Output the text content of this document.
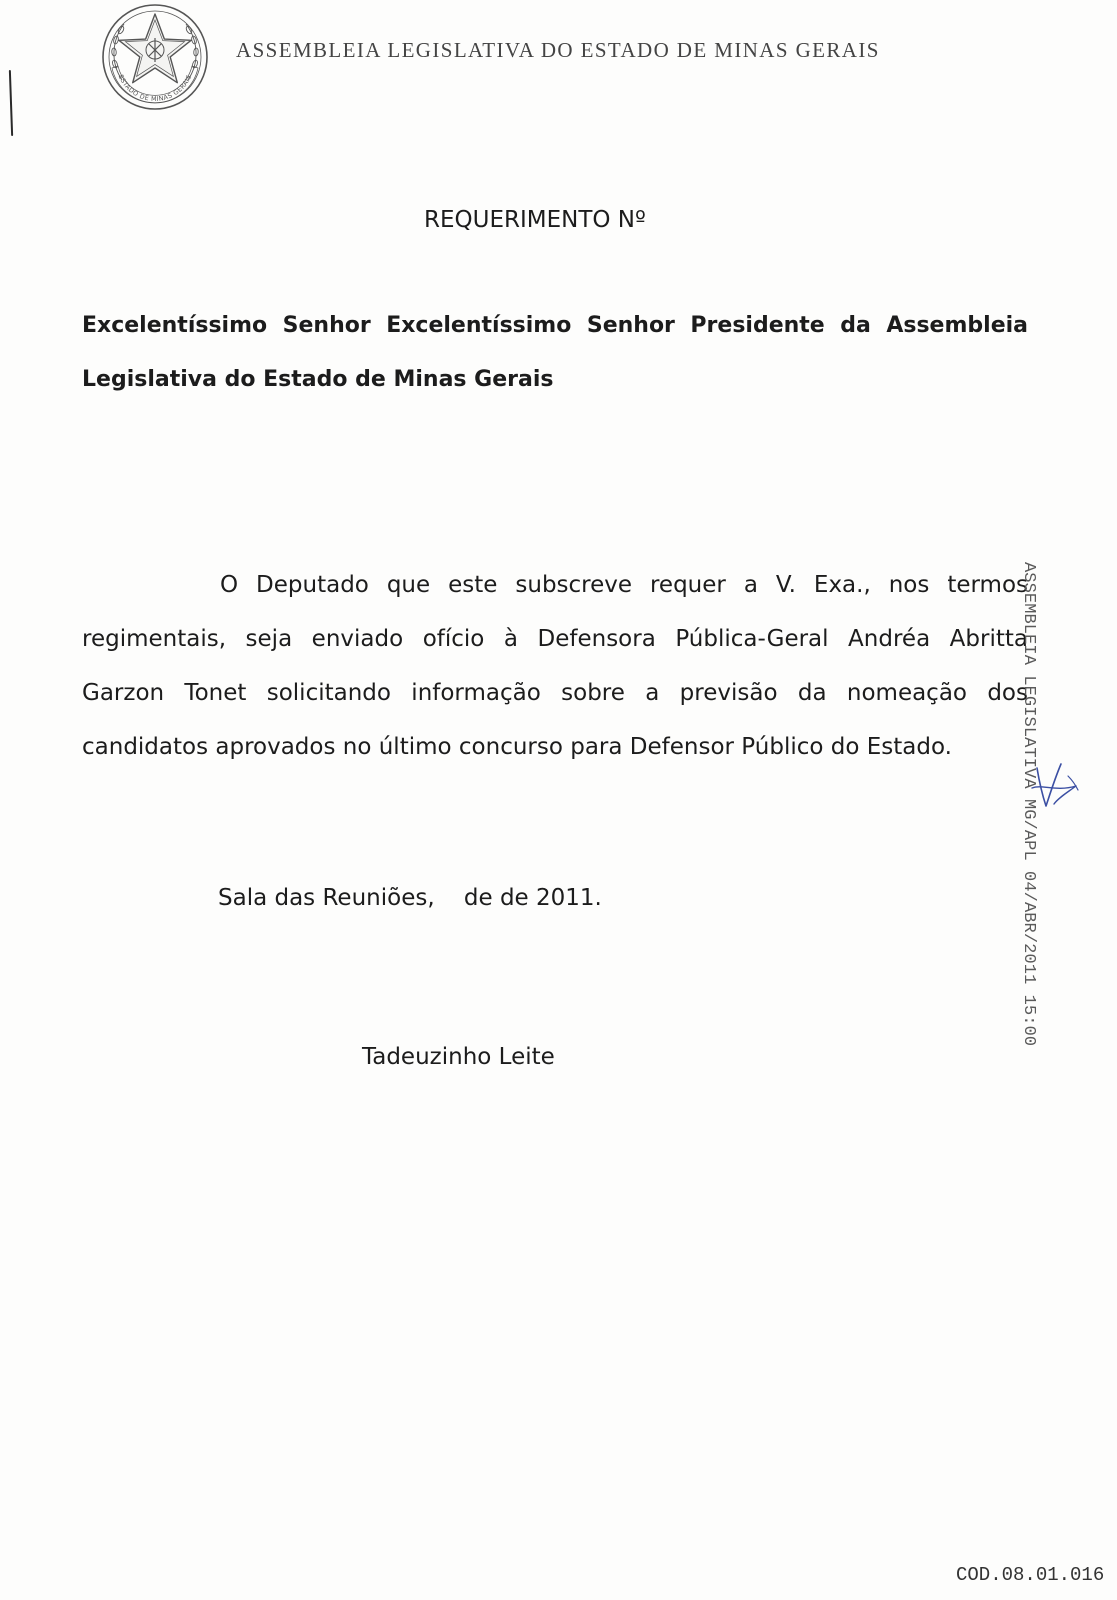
ESTADO DE MINAS GERAIS
ASSEMBLEIA LEGISLATIVA DO ESTADO DE MINAS GERAIS
REQUERIMENTO Nº
Excelentíssimo Senhor Excelentíssimo Senhor Presidente da Assembleia
Legislativa do Estado de Minas Gerais
O Deputado que este subscreve requer a V. Exa., nos termos
regimentais, seja enviado ofício à Defensora Pública-Geral Andréa Abritta
Garzon Tonet solicitando informação sobre a previsão da nomeação dos
candidatos aprovados no último concurso para Defensor Público do Estado.
Sala das Reuniões,    de de 2011.
Tadeuzinho Leite
ASSEMBLEIA LEGISLATIVA MG/APL 04/ABR/2011 15:00
COD.08.01.016
